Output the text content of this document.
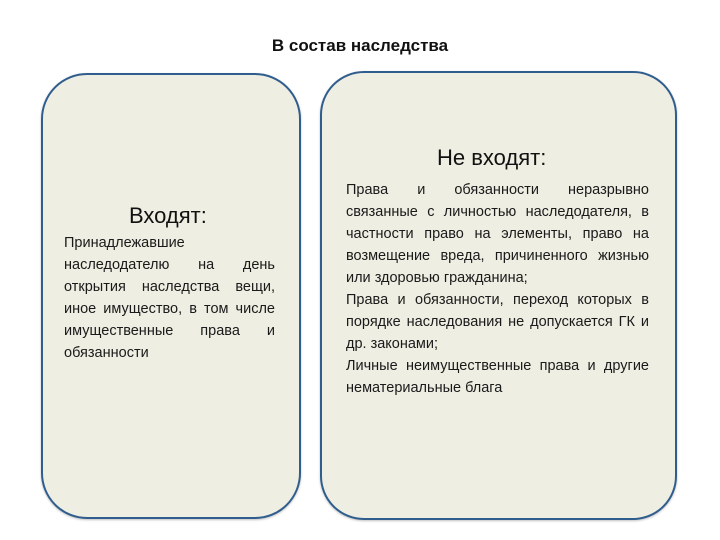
В состав наследства
Входят:
Принадлежавшие наследодателю на день открытия наследства вещи, иное имущество, в том числе имущественные права и обязанности
Не входят:

Права и обязанности неразрывно связанные с личностью наследодателя, в частности право на элементы, право на возмещение вреда, причиненного жизнью или здоровью гражданина;

Права и обязанности, переход которых в порядке наследования не допускается ГК и др. законами;

Личные неимущественные права и другие нематериальные блага
